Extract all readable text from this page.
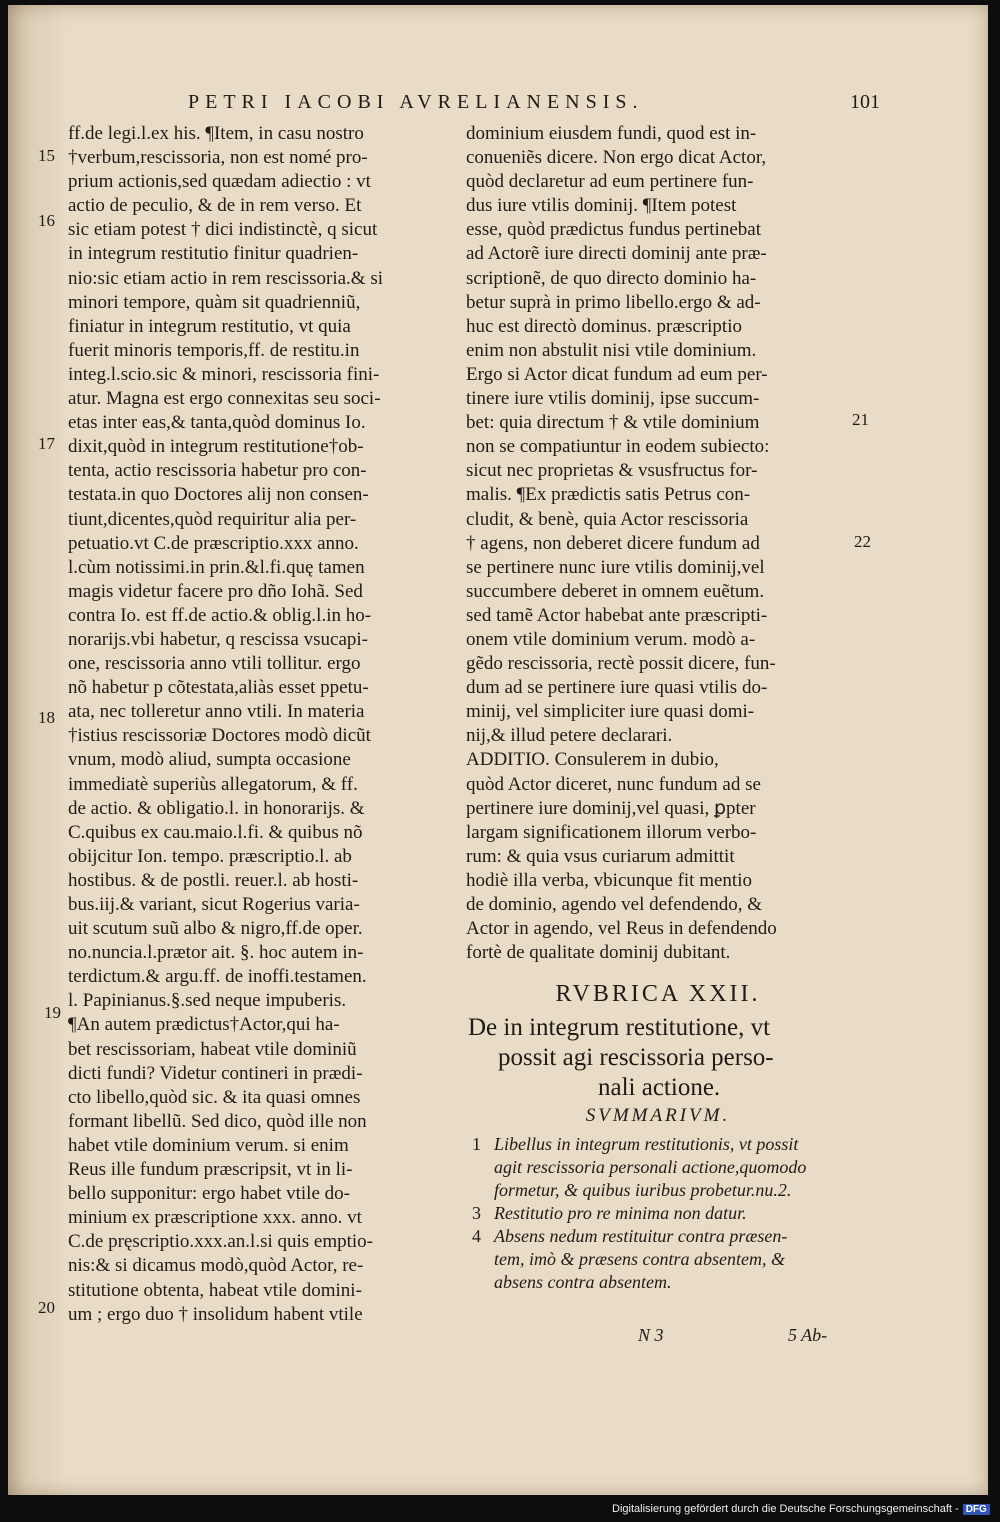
PETRI IACOBI AVRELIANENSIS.	101
ff.de legi.l.ex his. ¶Item, in casu nostro
†verbum,rescissoria, non est nomé pro-
prium actionis,sed quædam adiectio : vt
actio de peculio, & de in rem verso. Et
sic etiam potest † dici indistinctè, q sicut
in integrum restitutio finitur quadrien-
nio:sic etiam actio in rem rescissoria.& si
minori tempore, quàm sit quadrienniũ,
finiatur in integrum restitutio, vt quia
fuerit minoris temporis,ff. de restitu.in
integ.l.scio.sic & minori, rescissoria fini-
atur. Magna est ergo connexitas seu soci-
etas inter eas,& tanta,quòd dominus Io.
dixit,quòd in integrum restitutione†ob-
tenta, actio rescissoria habetur pro con-
testata.in quo Doctores alij non consen-
tiunt,dicentes,quòd requiritur alia per-
petuatio.vt C.de præscriptio.xxx anno.
l.cùm notissimi.in prin.&l.fi.quę tamen
magis videtur facere pro dño Iohã. Sed
contra Io. est ff.de actio.& oblig.l.in ho-
norarijs.vbi habetur, q rescissa vsucapi-
one, rescissoria anno vtili tollitur. ergo
nõ habetur p cõtestata,aliàs esset ppetu-
ata, nec tolleretur anno vtili. In materia
†istius rescissoriæ Doctores modò dicũt
vnum, modò aliud, sumpta occasione
immediatè superiùs allegatorum, & ff.
de actio. & obligatio.l. in honorarijs. &
C.quibus ex cau.maio.l.fi. & quibus nõ
obijcitur Ion. tempo. præscriptio.l. ab
hostibus. & de postli. reuer.l. ab hosti-
bus.iij.& variant, sicut Rogerius varia-
uit scutum suũ albo & nigro,ff.de oper.
no.nuncia.l.prætor ait. §. hoc autem in-
terdictum.& argu.ff. de inoffi.testamen.
l. Papinianus.§.sed neque impuberis.
¶An autem prædictus†Actor,qui ha-
bet rescissoriam, habeat vtile dominiũ
dicti fundi? Videtur contineri in prædi-
cto libello,quòd sic. & ita quasi omnes
formant libellũ. Sed dico, quòd ille non
habet vtile dominium verum. si enim
Reus ille fundum præscripsit, vt in li-
bello supponitur: ergo habet vtile do-
minium ex præscriptione xxx. anno. vt
C.de pręscriptio.xxx.an.l.si quis emptio-
nis:& si dicamus modò,quòd Actor, re-
stitutione obtenta, habeat vtile domini-
um ; ergo duo † insolidum habent vtile
dominium eiusdem fundi, quod est in-
conueniẽs dicere. Non ergo dicat Actor,
quòd declaretur ad eum pertinere fun-
dus iure vtilis dominij. ¶Item potest
esse, quòd prædictus fundus pertinebat
ad Actorẽ iure directi dominij ante præ-
scriptionẽ, de quo directo dominio ha-
betur suprà in primo libello.ergo & ad-
huc est directò dominus. præscriptio
enim non abstulit nisi vtile dominium.
Ergo si Actor dicat fundum ad eum per-
tinere iure vtilis dominij, ipse succum-
bet: quia directum † & vtile dominium
non se compatiuntur in eodem subiecto:
sicut nec proprietas & vsusfructus for-
malis. ¶Ex prædictis satis Petrus con-
cludit, & benè, quia Actor rescissoria
† agens, non deberet dicere fundum ad
se pertinere nunc iure vtilis dominij,vel
succumbere deberet in omnem euẽtum.
sed tamẽ Actor habebat ante præscripti-
onem vtile dominium verum. modò a-
gẽdo rescissoria, rectè possit dicere, fun-
dum ad se pertinere iure quasi vtilis do-
minij, vel simpliciter iure quasi domi-
nij,& illud petere declarari.
ADDITIO. Consulerem in dubio,
quòd Actor diceret, nunc fundum ad se
pertinere iure dominij,vel quasi, ꝑpter
largam significationem illorum verbo-
rum: & quia vsus curiarum admittit
hodiè illa verba, vbicunque fit mentio
de dominio, agendo vel defendendo, &
Actor in agendo, vel Reus in defendendo
fortè de qualitate dominij dubitant.
15
16
17
18
19
20
21
22
RVBRICA XXII.
De in integrum restitutione, vt
possit agi rescissoria perso-
nali actione.
SVMMARIVM.
1 Libellus in integrum restitutionis, vt possit
agit rescissoria personali actione,quomodo
formetur, & quibus iuribus probetur.nu.2.
3 Restitutio pro re minima non datur.
4 Absens nedum restituitur contra præsen-
tem, imò & præsens contra absentem, &
absens contra absentem.
N 3	5 Ab-
Digitalisierung gefördert durch die Deutsche Forschungsgemeinschaft - DFG
